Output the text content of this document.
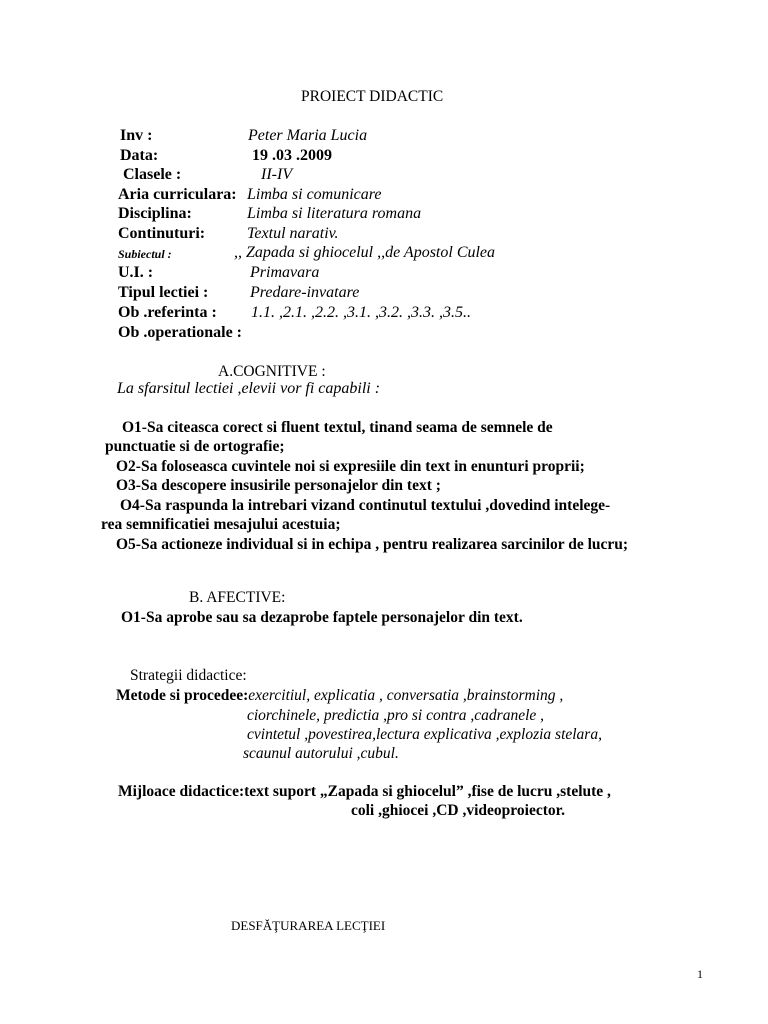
PROIECT DIDACTIC
Inv :	Peter Maria Lucia
Data:	19 .03 .2009
Clasele :	II-IV
Aria curriculara: Limba si comunicare
Disciplina:	Limba si literatura romana
Continuturi:	Textul narativ.
Subiectul :	,, Zapada si ghiocelul ,,de Apostol Culea
U.I. :	Primavara
Tipul lectiei :	Predare-invatare
Ob .referinta : 1.1. ,2.1. ,2.2. ,3.1. ,3.2. ,3.3. ,3.5..
Ob .operationale :
A.COGNITIVE :
La sfarsitul lectiei ,elevii vor fi capabili :
O1-Sa citeasca corect si fluent textul, tinand seama de semnele de
punctuatie si de ortografie;
O2-Sa foloseasca cuvintele noi si expresiile din text in enunturi proprii;
O3-Sa descopere insusirile personajelor din text ;
O4-Sa raspunda la intrebari vizand continutul textului ,dovedind intelege-
rea semnificatiei mesajului acestuia;
O5-Sa actioneze individual si in echipa , pentru realizarea sarcinilor de lucru;
B. AFECTIVE:
O1-Sa aprobe sau sa dezaprobe faptele personajelor din text.
Strategii didactice:
Metode si procedee:exercitiul, explicatia , conversatia ,brainstorming ,
ciorchinele, predictia ,pro si contra ,cadranele ,
cvintetul ,povestirea,lectura explicativa ,explozia stelara,
scaunul autorului ,cubul.
Mijloace didactice:text suport „Zapada si ghiocelul” ,fise de lucru ,stelute ,
coli ,ghiocei ,CD ,videoproiector.
DESFĂŢURAREA LECŢIEI
1
